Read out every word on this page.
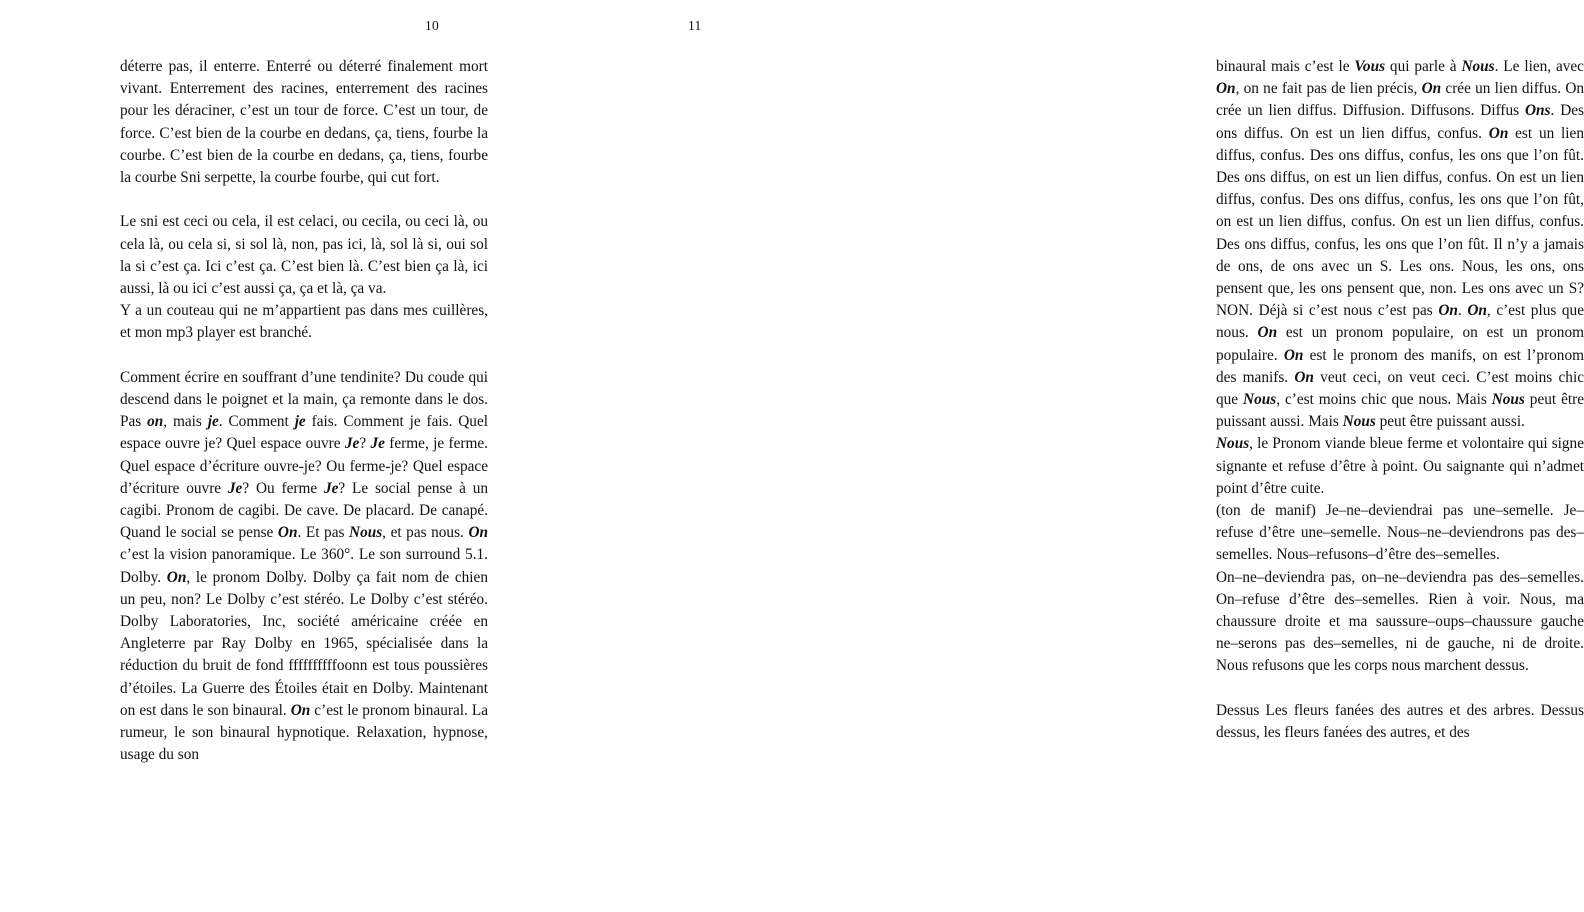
10

déterre pas, il enterre. Enterré ou déterré finalement mort vivant. Enterrement des racines, enterrement des racines pour les déraciner, c’est un tour de force. C’est un tour, de force. C’est bien de la courbe en dedans, ça, tiens, fourbe la courbe. C’est bien de la courbe en dedans, ça, tiens, fourbe la courbe Sni serpette, la courbe fourbe, qui cut fort.

Le sni est ceci ou cela, il est celaci, ou cecila, ou ceci là, ou cela là, ou cela si, si sol là, non, pas ici, là, sol là si, oui sol la si c’est ça. Ici c’est ça. C’est bien là. C’est bien ça là, ici aussi, là ou ici c’est aussi ça, ça et là, ça va.

Y a un couteau qui ne m’appartient pas dans mes cuillères, et mon mp3 player est branché.

Comment écrire en souffrant d’une tendinite? Du coude qui descend dans le poignet et la main, ça remonte dans le dos. Pas on, mais je. Comment je fais. Comment je fais. Quel espace ouvre je? Quel espace ouvre Je? Je ferme, je ferme. Quel espace d’écriture ouvre-je? Ou ferme-je? Quel espace d’écriture ouvre Je? Ou ferme Je? Le social pense à un cagibi. Pronom de cagibi. De cave. De placard. De canapé. Quand le social se pense On. Et pas Nous, et pas nous. On c’est la vision panoramique. Le 360°. Le son surround 5.1. Dolby. On, le pronom Dolby. Dolby ça fait nom de chien un peu, non? Le Dolby c’est stéréo. Le Dolby c’est stéréo. Dolby Laboratories, Inc, société américaine créée en Angleterre par Ray Dolby en 1965, spécialisée dans la réduction du bruit de fond ffffffffffoonn est tous poussières d’étoiles. La Guerre des Étoiles était en Dolby. Maintenant on est dans le son binaural. On c’est le pronom binaural. La rumeur, le son binaural hypnotique. Relaxation, hypnose, usage du son

11

binaural mais c’est le Vous qui parle à Nous. Le lien, avec On, on ne fait pas de lien précis, On crée un lien diffus. On crée un lien diffus. Diffusion. Diffusons. Diffus Ons. Des ons diffus. On est un lien diffus, confus. On est un lien diffus, confus. Des ons diffus, confus, les ons que l’on fût. Des ons diffus, on est un lien diffus, confus. On est un lien diffus, confus. Des ons diffus, confus, les ons que l’on fût, on est un lien diffus, confus. On est un lien diffus, confus. Des ons diffus, confus, les ons que l’on fût. Il n’y a jamais de ons, de ons avec un S. Les ons. Nous, les ons, ons pensent que, les ons pensent que, non. Les ons avec un S? NON. Déjà si c’est nous c’est pas On. On, c’est plus que nous. On est un pronom populaire, on est un pronom populaire. On est le pronom des manifs, on est l’pronom des manifs. On veut ceci, on veut ceci. C’est moins chic que Nous, c’est moins chic que nous. Mais Nous peut être puissant aussi. Mais Nous peut être puissant aussi.

Nous, le Pronom viande bleue ferme et volontaire qui signe signante et refuse d’être à point. Ou saignante qui n’admet point d’être cuite.

(ton de manif) Je–ne–deviendrai pas une–semelle. Je–refuse d’être une–semelle. Nous–ne–deviendrons pas des–semelles. Nous–refusons–d’être des–semelles.

On–ne–deviendra pas, on–ne–deviendra pas des–semelles. On–refuse d’être des–semelles. Rien à voir. Nous, ma chaussure droite et ma saussure–oups–chaussure gauche ne–serons pas des–semelles, ni de gauche, ni de droite. Nous refusons que les corps nous marchent dessus.

Dessus Les fleurs fanées des autres et des arbres. Dessus dessus, les fleurs fanées des autres, et des
